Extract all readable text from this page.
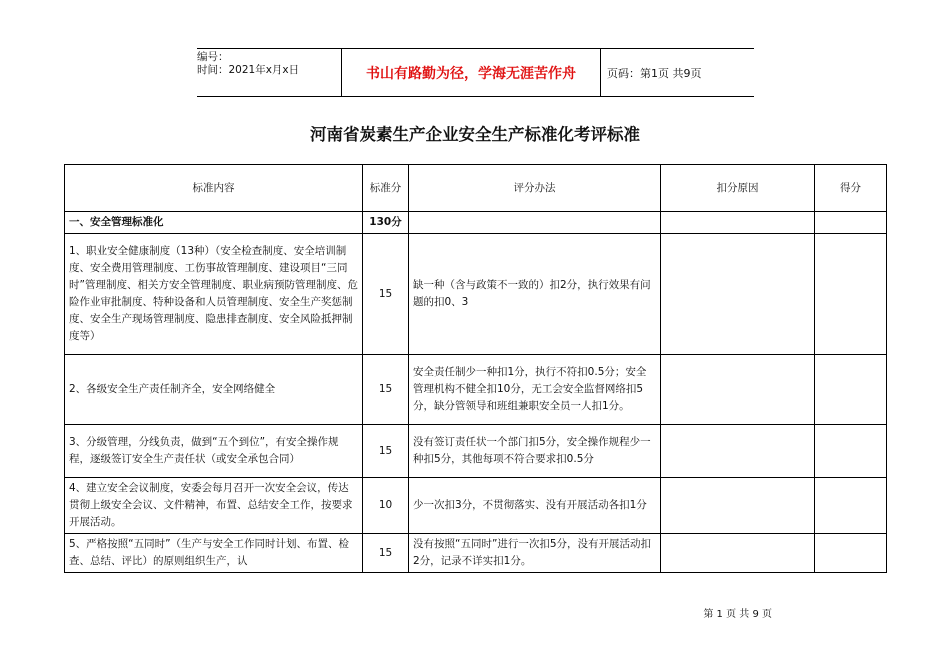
编号：
时间：2021年x月x日	书山有路勤为径，学海无涯苦作舟	页码：第1页 共9页
河南省炭素生产企业安全生产标准化考评标准
标准内容	标准分	评分办法	扣分原因	得分
一、安全管理标准化	130分			
1、职业安全健康制度（13种）（安全检查制度、安全培训制度、安全费用管理制度、工伤事故管理制度、建设项目“三同时”管理制度、相关方安全管理制度、职业病预防管理制度、危险作业审批制度、特种设备和人员管理制度、安全生产奖惩制度、安全生产现场管理制度、隐患排查制度、安全风险抵押制度等）	15	缺一种（含与政策不一致的）扣2分，执行效果有问题的扣0、3		
2、各级安全生产责任制齐全，安全网络健全	15	安全责任制少一种扣1分，执行不符扣0.5分；安全管理机构不健全扣10分，无工会安全监督网络扣5分，缺分管领导和班组兼职安全员一人扣1分。		
3、分级管理，分线负责，做到“五个到位”，有安全操作规程，逐级签订安全生产责任状（或安全承包合同）	15	没有签订责任状一个部门扣5分，安全操作规程少一种扣5分，其他每项不符合要求扣0.5分		
4、建立安全会议制度，安委会每月召开一次安全会议，传达贯彻上级安全会议、文件精神，布置、总结安全工作，按要求开展活动。	10	少一次扣3分，不贯彻落实、没有开展活动各扣1分		
5、严格按照“五同时”（生产与安全工作同时计划、布置、检查、总结、评比）的原则组织生产，认	15	没有按照“五同时”进行一次扣5分，没有开展活动扣2分，记录不详实扣1分。		
第 1 页 共 9 页
